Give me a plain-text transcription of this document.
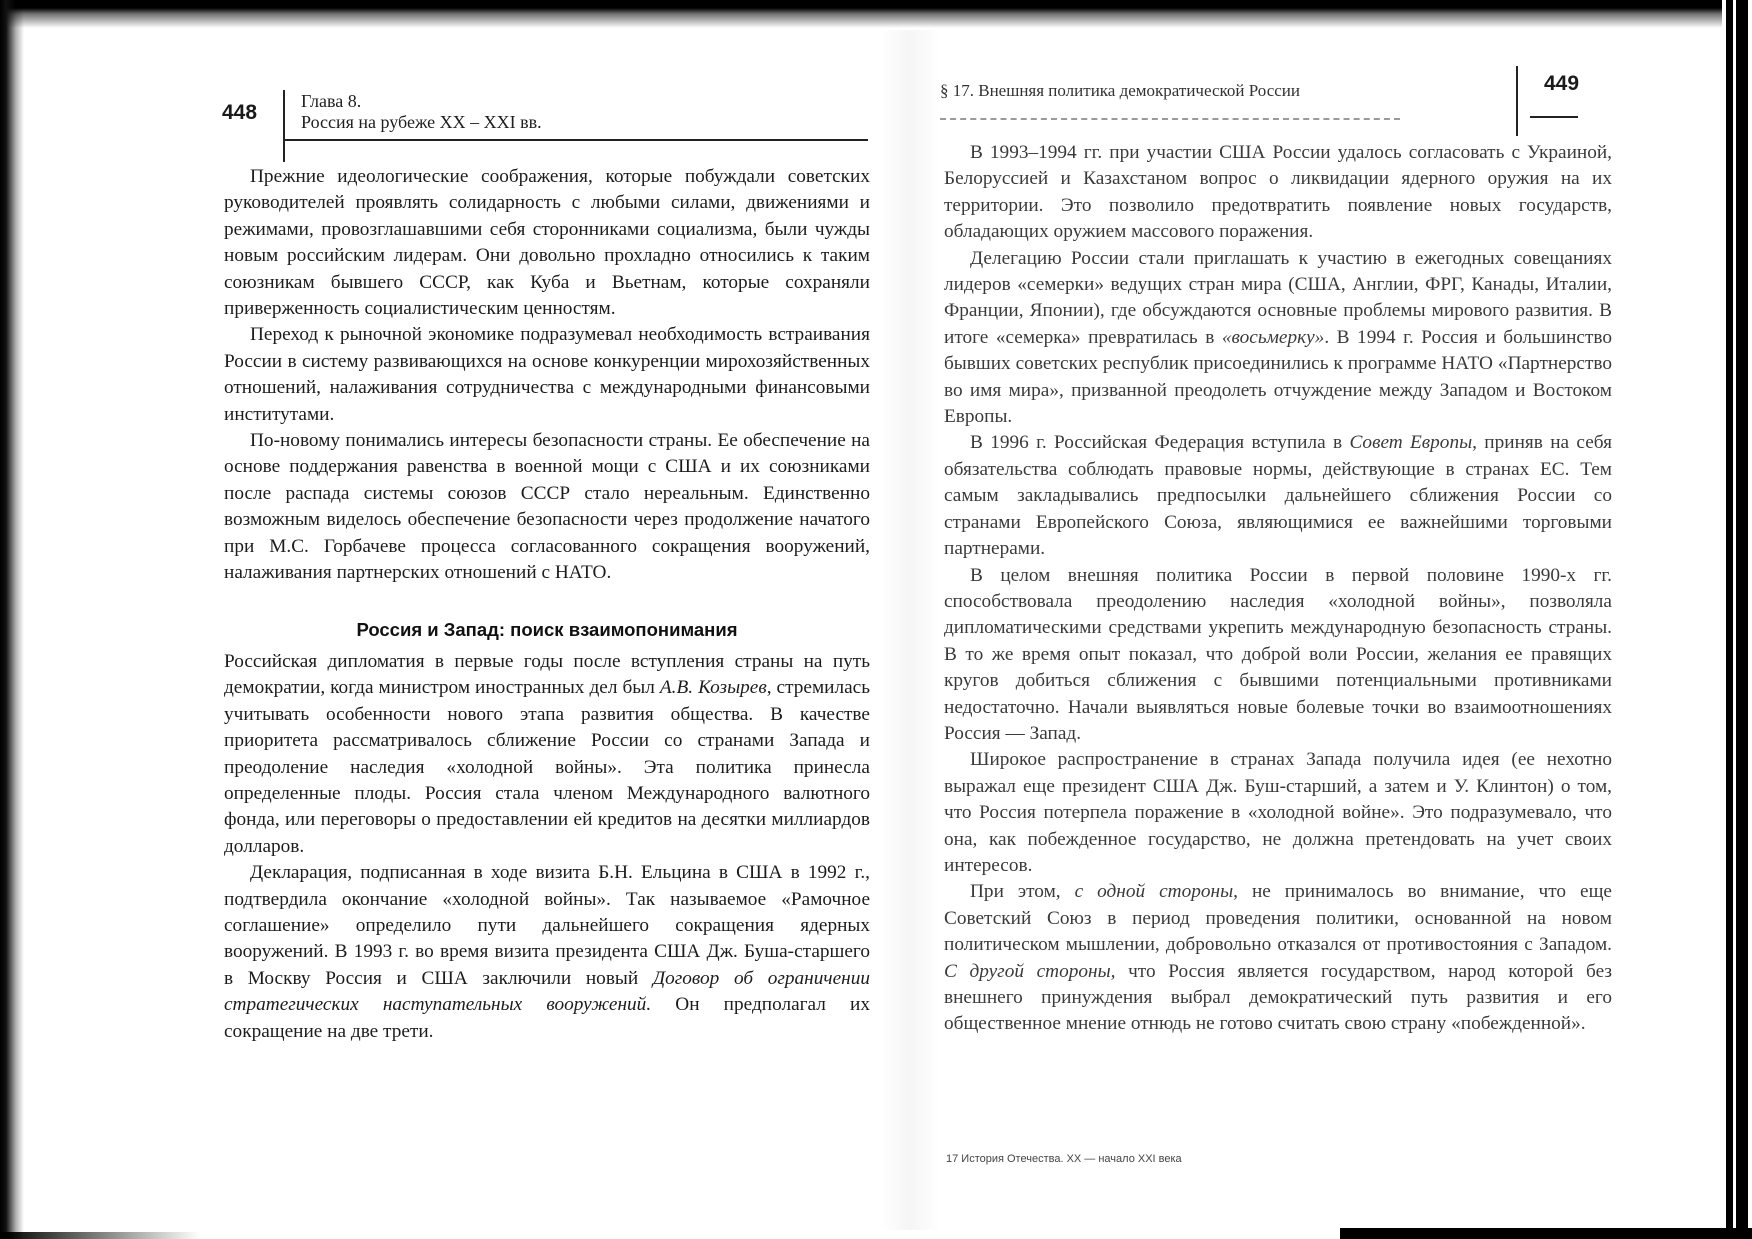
448 Глава 8.
Россия на рубеже XX – XXI вв.
§ 17. Внешняя политика демократической России	449

Прежние идеологические соображения, которые побуждали советских руководителей проявлять солидарность с любыми силами, движениями и режимами, провозглашавшими себя сторонниками социализма, были чужды новым российским лидерам. Они довольно прохладно относились к таким союзникам бывшего СССР, как Куба и Вьетнам, которые сохраняли приверженность социалистическим ценностям.

Переход к рыночной экономике подразумевал необходимость встраивания России в систему развивающихся на основе конкуренции мирохозяйственных отношений, налаживания сотрудничества с международными финансовыми институтами.

По-новому понимались интересы безопасности страны. Ее обеспечение на основе поддержания равенства в военной мощи с США и их союзниками после распада системы союзов СССР стало нереальным. Единственно возможным виделось обеспечение безопасности через продолжение начатого при М.С. Горбачеве процесса согласованного сокращения вооружений, налаживания партнерских отношений с НАТО.

Россия и Запад: поиск взаимопонимания

Российская дипломатия в первые годы после вступления страны на путь демократии, когда министром иностранных дел был А.В. Козырев, стремилась учитывать особенности нового этапа развития общества. В качестве приоритета рассматривалось сближение России со странами Запада и преодоление наследия «холодной войны». Эта политика принесла определенные плоды. Россия стала членом Международного валютного фонда, или переговоры о предоставлении ей кредитов на десятки миллиардов долларов.

Декларация, подписанная в ходе визита Б.Н. Ельцина в США в 1992 г., подтвердила окончание «холодной войны». Так называемое «Рамочное соглашение» определило пути дальнейшего сокращения ядерных вооружений. В 1993 г. во время визита президента США Дж. Буша-старшего в Москву Россия и США заключили новый Договор об ограничении стратегических наступательных вооружений. Он предполагал их сокращение на две трети.

В 1993–1994 гг. при участии США России удалось согласовать с Украиной, Белоруссией и Казахстаном вопрос о ликвидации ядерного оружия на их территории. Это позволило предотвратить появление новых государств, обладающих оружием массового поражения.

Делегацию России стали приглашать к участию в ежегодных совещаниях лидеров «семерки» ведущих стран мира (США, Англии, ФРГ, Канады, Италии, Франции, Японии), где обсуждаются основные проблемы мирового развития. В итоге «семерка» превратилась в «восьмерку». В 1994 г. Россия и большинство бывших советских республик присоединились к программе НАТО «Партнерство во имя мира», призванной преодолеть отчуждение между Западом и Востоком Европы.

В 1996 г. Российская Федерация вступила в Совет Европы, приняв на себя обязательства соблюдать правовые нормы, действующие в странах ЕС. Тем самым закладывались предпосылки дальнейшего сближения России со странами Европейского Союза, являющимися ее важнейшими торговыми партнерами.

В целом внешняя политика России в первой половине 1990-х гг. способствовала преодолению наследия «холодной войны», позволяла дипломатическими средствами укрепить международную безопасность страны. В то же время опыт показал, что доброй воли России, желания ее правящих кругов добиться сближения с бывшими потенциальными противниками недостаточно. Начали выявляться новые болевые точки во взаимоотношениях Россия — Запад.

Широкое распространение в странах Запада получила идея (ее нехотно выражал еще президент США Дж. Буш-старший, а затем и У. Клинтон) о том, что Россия потерпела поражение в «холодной войне». Это подразумевало, что она, как побежденное государство, не должна претендовать на учет своих интересов.

При этом, с одной стороны, не принималось во внимание, что еще Советский Союз в период проведения политики, основанной на новом политическом мышлении, добровольно отказался от противостояния с Западом. С другой стороны, что Россия является государством, народ которой без внешнего принуждения выбрал демократический путь развития и его общественное мнение отнюдь не готово считать свою страну «побежденной».

17 История Отечества. XX — начало XXI века
